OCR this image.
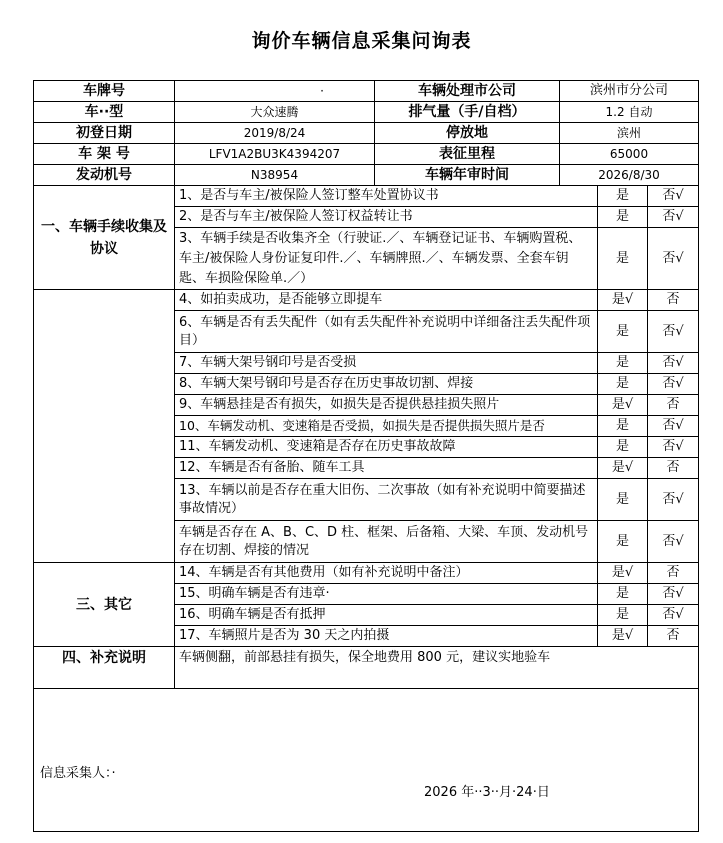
询价车辆信息采集问询表
车牌号	·	车辆处理市公司	滨州市分公司		
车··型	大众速腾	排气量（手/自档）	1.2 自动		
初登日期	2019/8/24	停放地	滨州		
车 架 号	LFV1A2BU3K4394207	表征里程	65000		
发动机号	N38954	车辆年审时间	2026/8/30		
一、车辆手续收集及协议	1、是否与车主/被保险人签订整车处置协议书			是	否√
	2、是否与车主/被保险人签订权益转让书			是	否√
	3、车辆手续是否收集齐全（行驶证.／、车辆登记证书、车辆购置税、车主/被保险人身份证复印件.／、车辆牌照.／、车辆发票、全套车钥匙、车损险保险单.／）			是	否√
	4、如拍卖成功，是否能够立即提车			是√	否
	6、车辆是否有丢失配件（如有丢失配件补充说明中详细备注丢失配件项目）			是	否√
	7、车辆大架号钢印号是否受损			是	否√
	8、车辆大架号钢印号是否存在历史事故切割、焊接			是	否√
	9、车辆悬挂是否有损失，如损失是否提供悬挂损失照片			是√	否
	10、车辆发动机、变速箱是否受损，如损失是否提供损失照片是否			是	否√
	11、车辆发动机、变速箱是否存在历史事故故障			是	否√
	12、车辆是否有备胎、随车工具			是√	否
	13、车辆以前是否存在重大旧伤、二次事故（如有补充说明中简要描述事故情况）			是	否√
	车辆是否存在 A、B、C、D 柱、框架、后备箱、大梁、车顶、发动机号存在切割、焊接的情况			是	否√
三、其它	14、车辆是否有其他费用（如有补充说明中备注）			是√	否
	15、明确车辆是否有违章·			是	否√
	16、明确车辆是否有抵押			是	否√
	17、车辆照片是否为 30 天之内拍摄			是√	否
四、补充说明	车辆侧翻，前部悬挂有损失，保全地费用 800 元，建议实地验车				

信息采集人：·
2026 年··3··月·24·日
